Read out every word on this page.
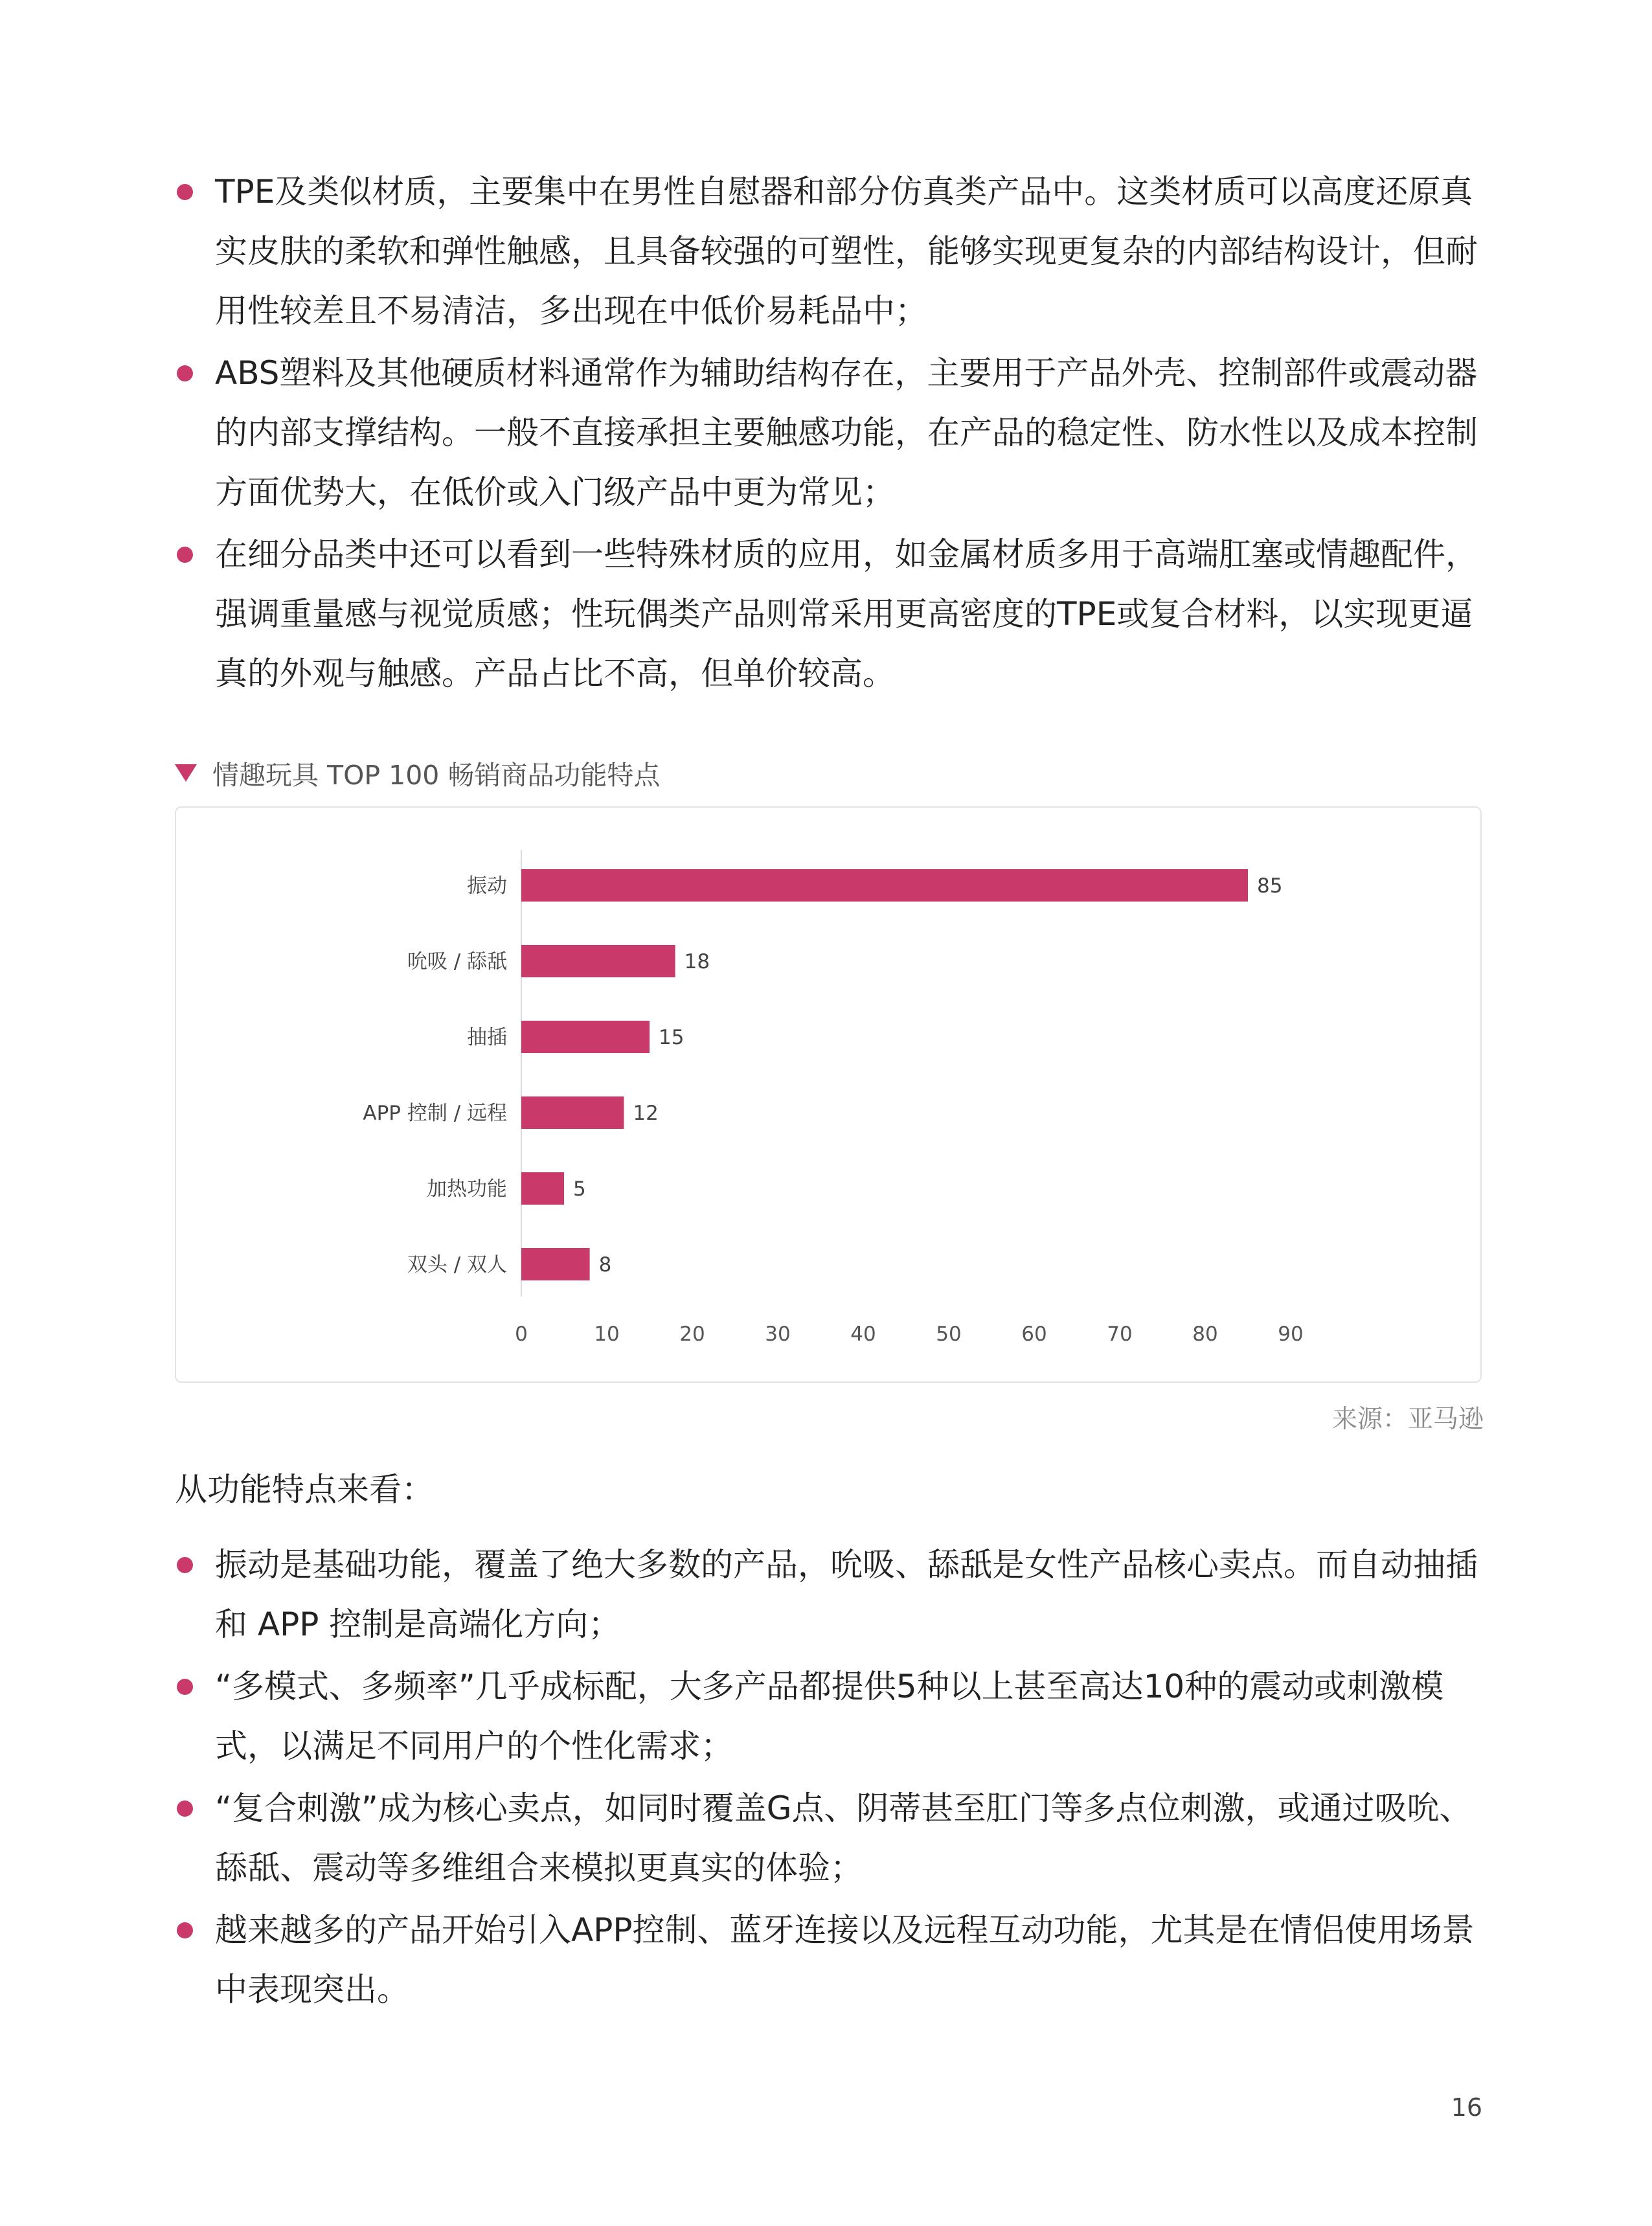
TPE及类似材质，主要集中在男性自慰器和部分仿真类产品中。这类材质可以高度还原真实皮肤的柔软和弹性触感，且具备较强的可塑性，能够实现更复杂的内部结构设计，但耐用性较差且不易清洁，多出现在中低价易耗品中；
ABS塑料及其他硬质材料通常作为辅助结构存在，主要用于产品外壳、控制部件或震动器的内部支撑结构。一般不直接承担主要触感功能，在产品的稳定性、防水性以及成本控制方面优势大，在低价或入门级产品中更为常见；
在细分品类中还可以看到一些特殊材质的应用，如金属材质多用于高端肛塞或情趣配件，强调重量感与视觉质感；性玩偶类产品则常采用更高密度的TPE或复合材料，以实现更逼真的外观与触感。产品占比不高，但单价较高。
情趣玩具 TOP 100 畅销商品功能特点
振动	85
吮吸 / 舔舐	18
抽插	15
APP 控制 / 远程	12
加热功能	5
双头 / 双人	8
0	10	20	30	40	50	60	70	80	90
来源：亚马逊
从功能特点来看：
振动是基础功能，覆盖了绝大多数的产品，吮吸、舔舐是女性产品核心卖点。而自动抽插和 APP 控制是高端化方向；
“多模式、多频率”几乎成标配，大多产品都提供5种以上甚至高达10种的震动或刺激模式，以满足不同用户的个性化需求；
“复合刺激”成为核心卖点，如同时覆盖G点、阴蒂甚至肛门等多点位刺激，或通过吸吮、舔舐、震动等多维组合来模拟更真实的体验；
越来越多的产品开始引入APP控制、蓝牙连接以及远程互动功能，尤其是在情侣使用场景中表现突出。
16
